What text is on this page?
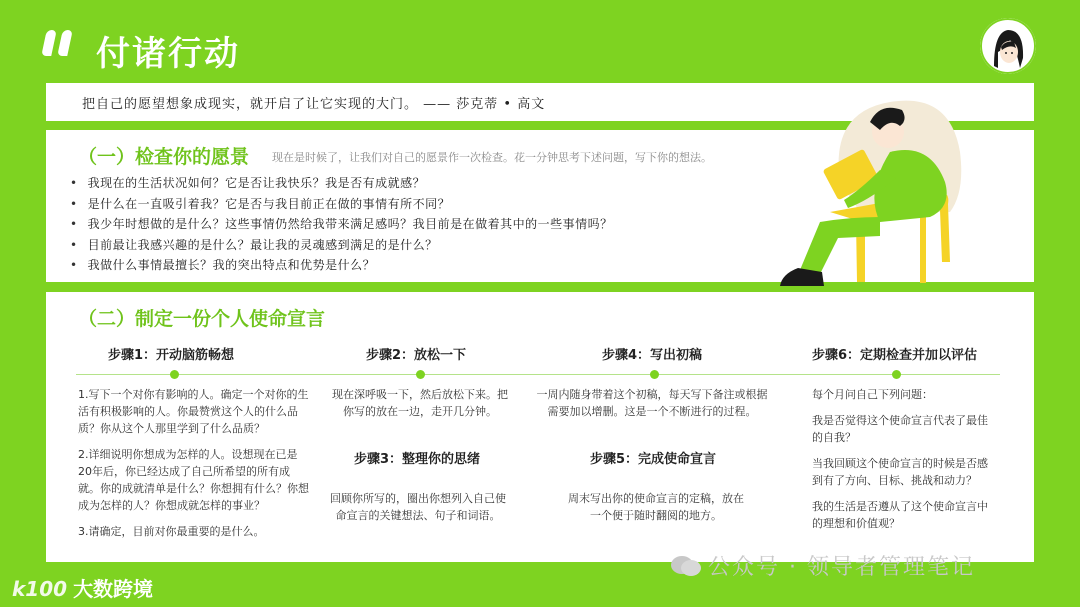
付诸行动
把自己的愿望想象成现实，就开启了让它实现的大门。 —— 莎克蒂 • 高文
（一）检查你的愿景 现在是时候了，让我们对自己的愿景作一次检查。花一分钟思考下述问题，写下你的想法。
• 我现在的生活状况如何？它是否让我快乐？我是否有成就感？
• 是什么在一直吸引着我？它是否与我目前正在做的事情有所不同？
• 我少年时想做的是什么？这些事情仍然给我带来满足感吗？我目前是在做着其中的一些事情吗？
• 目前最让我感兴趣的是什么？最让我的灵魂感到满足的是什么？
• 我做什么事情最擅长？我的突出特点和优势是什么？
（二）制定一份个人使命宣言
步骤1：开动脑筋畅想

1.写下一个对你有影响的人。确定一个对你的生活有积极影响的人。你最赞赏这个人的什么品质？你从这个人那里学到了什么品质？

2.详细说明你想成为怎样的人。设想现在已是20年后，你已经达成了自己所希望的所有成就。你的成就清单是什么？你想拥有什么？你想成为怎样的人？你想成就怎样的事业？

3.请确定，目前对你最重要的是什么。

步骤2：放松一下
现在深呼吸一下，然后放松下来。把你写的放在一边，走开几分钟。
步骤3：整理你的思绪
回顾你所写的，圈出你想列入自己使命宣言的关键想法、句子和词语。
步骤4：写出初稿
一周内随身带着这个初稿，每天写下备注或根据需要加以增删。这是一个不断进行的过程。
步骤5：完成使命宣言
周末写出你的使命宣言的定稿，放在一个便于随时翻阅的地方。
步骤6：定期检查并加以评估

每个月问自己下列问题：

我是否觉得这个使命宣言代表了最佳的自我？

当我回顾这个使命宣言的时候是否感到有了方向、目标、挑战和动力？

我的生活是否遵从了这个使命宣言中的理想和价值观？

公众号 · 领导者管理笔记
k100 大数跨境
